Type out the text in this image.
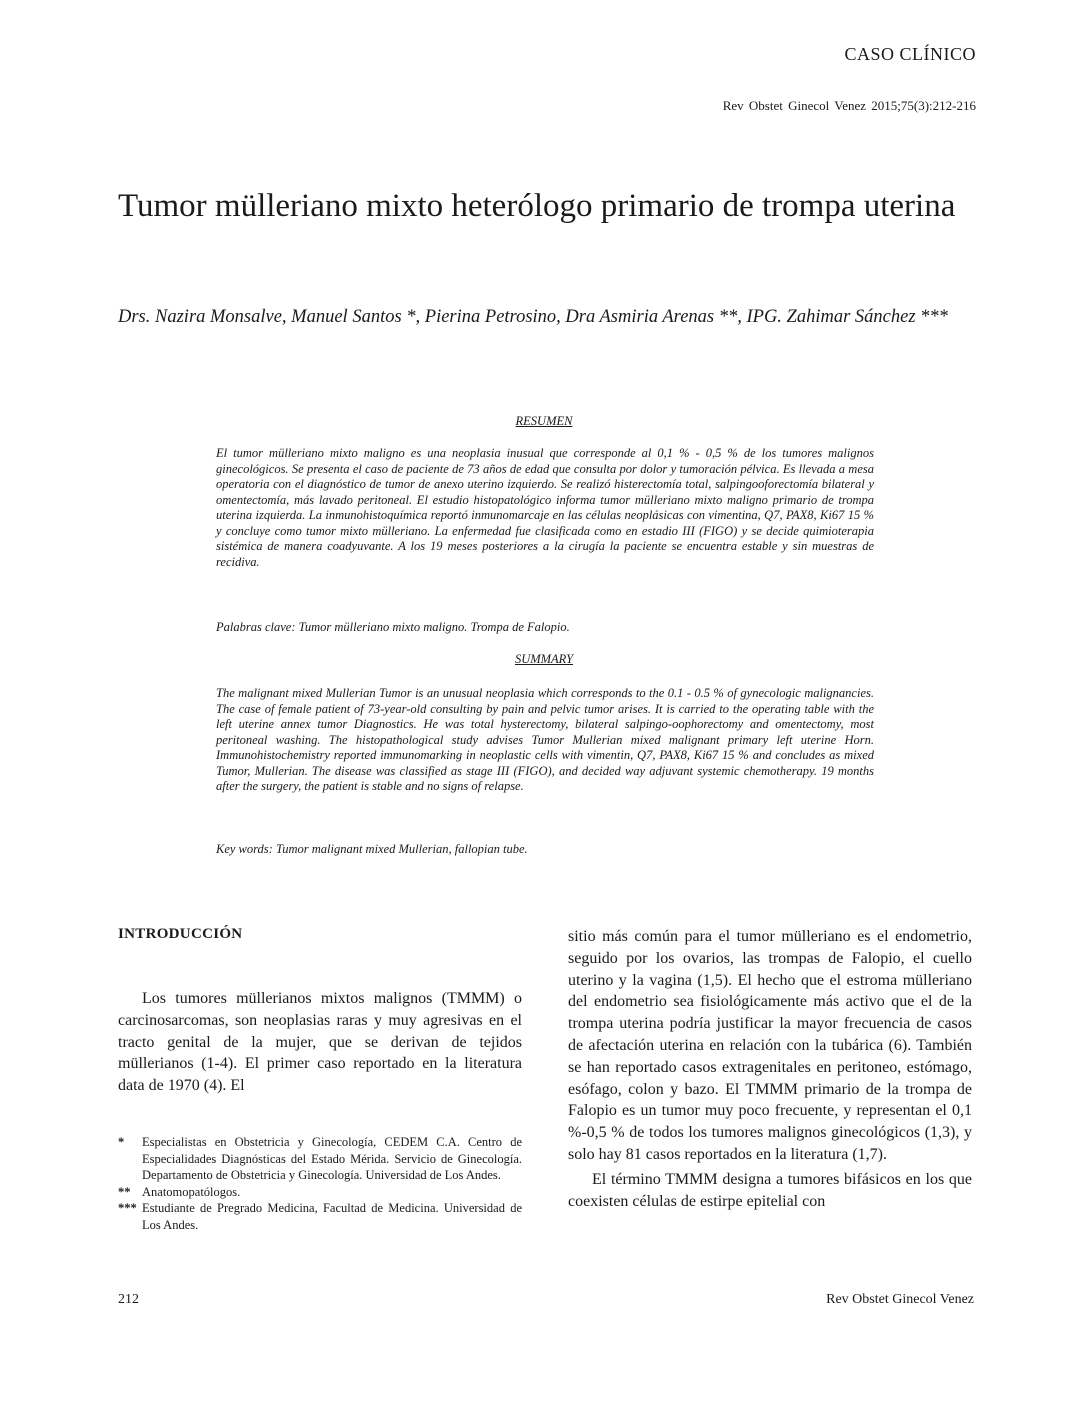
CASO CLÍNICO
Rev Obstet Ginecol Venez 2015;75(3):212-216
Tumor mülleriano mixto heterólogo primario de trompa uterina
Drs. Nazira Monsalve, Manuel Santos *, Pierina Petrosino, Dra Asmiria Arenas **, IPG. Zahimar Sánchez ***
RESUMEN
El tumor mülleriano mixto maligno es una neoplasia inusual que corresponde al 0,1 % - 0,5 % de los tumores malignos ginecológicos. Se presenta el caso de paciente de 73 años de edad que consulta por dolor y tumoración pélvica. Es llevada a mesa operatoria con el diagnóstico de tumor de anexo uterino izquierdo. Se realizó histerectomía total, salpingooforectomía bilateral y omentectomía, más lavado peritoneal. El estudio histopatológico informa tumor mülleriano mixto maligno primario de trompa uterina izquierda. La inmunohistoquímica reportó inmunomarcaje en las células neoplásicas con vimentina, Q7, PAX8, Ki67 15 % y concluye como tumor mixto mülleriano. La enfermedad fue clasificada como en estadio III (FIGO) y se decide quimioterapia sistémica de manera coadyuvante. A los 19 meses posteriores a la cirugía la paciente se encuentra estable y sin muestras de recidiva.
Palabras clave: Tumor mülleriano mixto maligno. Trompa de Falopio.
SUMMARY
The malignant mixed Mullerian Tumor is an unusual neoplasia which corresponds to the 0.1 - 0.5 % of gynecologic malignancies. The case of female patient of 73-year-old consulting by pain and pelvic tumor arises. It is carried to the operating table with the left uterine annex tumor Diagnostics. He was total hysterectomy, bilateral salpingo-oophorectomy and omentectomy, most peritoneal washing. The histopathological study advises Tumor Mullerian mixed malignant primary left uterine Horn. Immunohistochemistry reported immunomarking in neoplastic cells with vimentin, Q7, PAX8, Ki67 15 % and concludes as mixed Tumor, Mullerian. The disease was classified as stage III (FIGO), and decided way adjuvant systemic chemotherapy. 19 months after the surgery, the patient is stable and no signs of relapse.
Key words: Tumor malignant mixed Mullerian, fallopian tube.
INTRODUCCIÓN

Los tumores müllerianos mixtos malignos (TMMM) o carcinosarcomas, son neoplasias raras y muy agresivas en el tracto genital de la mujer, que se derivan de tejidos müllerianos (1-4). El primer caso reportado en la literatura data de 1970 (4). El

sitio más común para el tumor mülleriano es el endometrio, seguido por los ovarios, las trompas de Falopio, el cuello uterino y la vagina (1,5). El hecho que el estroma mülleriano del endometrio sea fisiológicamente más activo que el de la trompa uterina podría justificar la mayor frecuencia de casos de afectación uterina en relación con la tubárica (6). También se han reportado casos extragenitales en peritoneo, estómago, esófago, colon y bazo. El TMMM primario de la trompa de Falopio es un tumor muy poco frecuente, y representan el 0,1 %-0,5 % de todos los tumores malignos ginecológicos (1,3), y solo hay 81 casos reportados en la literatura (1,7).

El término TMMM designa a tumores bifásicos en los que coexisten células de estirpe epitelial con

*	Especialistas en Obstetricia y Ginecología, CEDEM C.A. Centro de Especialidades Diagnósticas del Estado Mérida. Servicio de Ginecología. Departamento de Obstetricia y Ginecología. Universidad de Los Andes.
** Anatomopatólogos.
*** Estudiante de Pregrado Medicina, Facultad de Medicina. Universidad de Los Andes.
212	Rev Obstet Ginecol Venez
